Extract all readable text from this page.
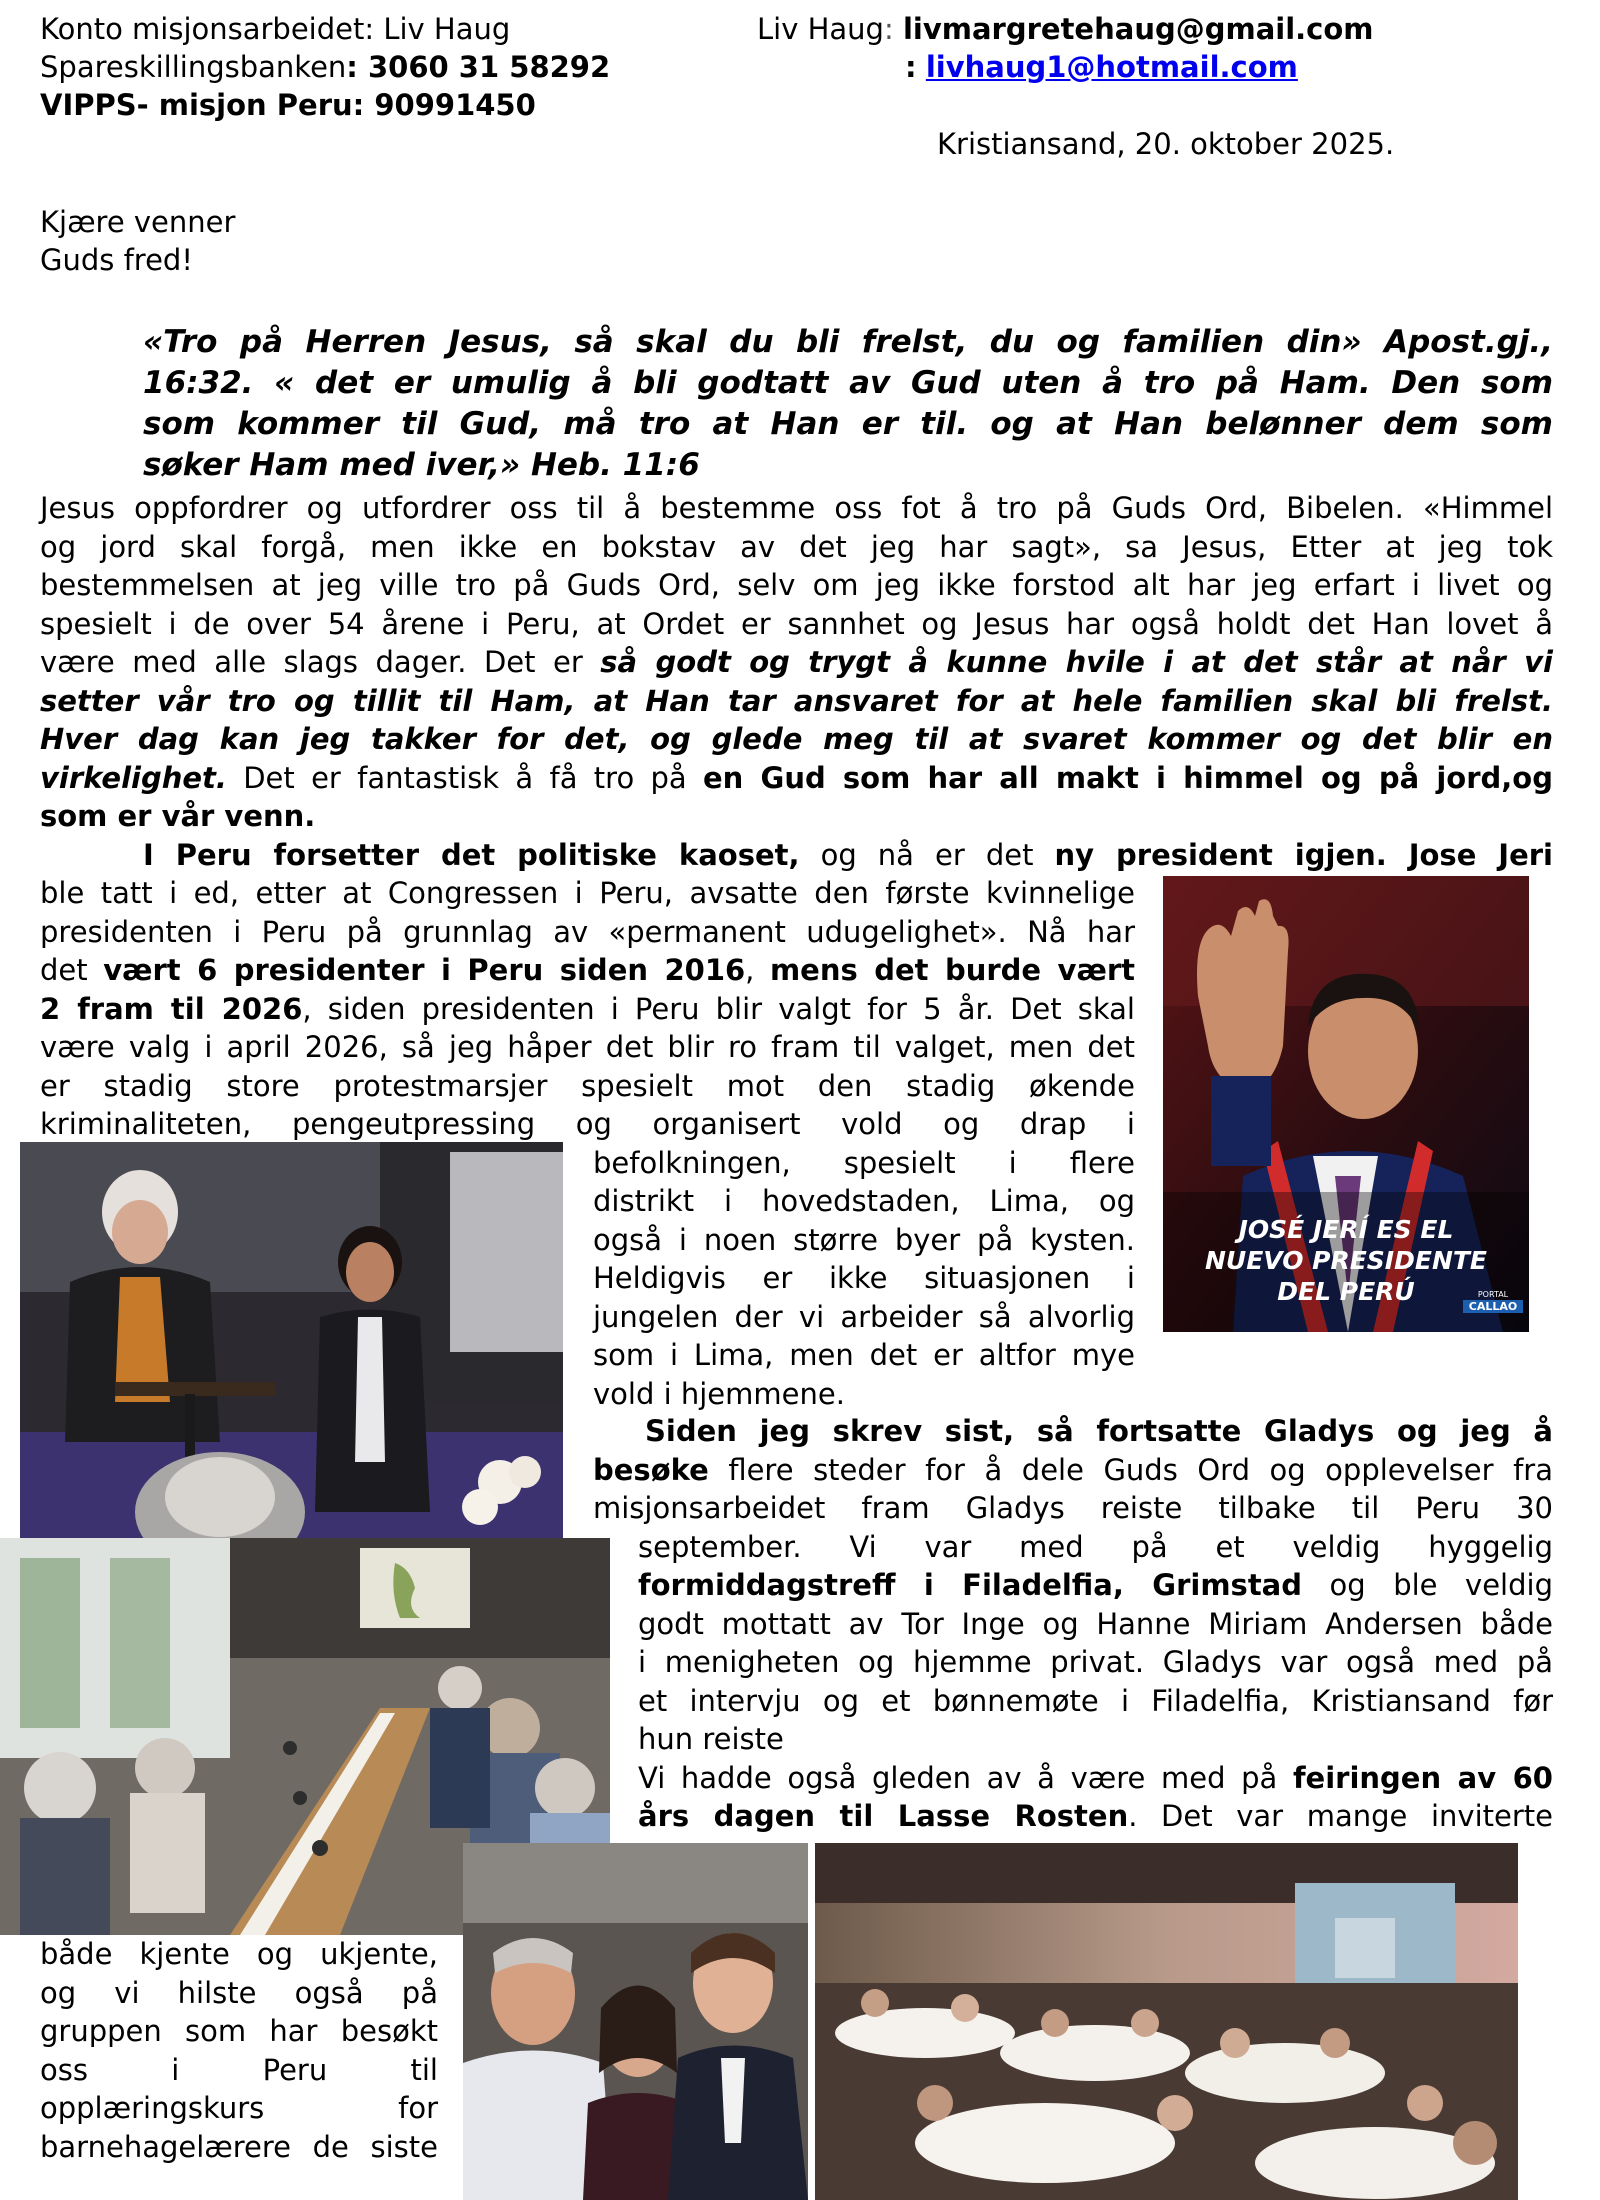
Konto misjonsarbeidet: Liv Haug
Spareskillingsbanken: 3060 31 58292
VIPPS- misjon Peru: 90991450
Liv Haug: livmargretehaug@gmail.com
: livhaug1@hotmail.com
Kristiansand, 20. oktober 2025.
Kjære venner
Guds fred!
«Tro på Herren Jesus, så skal du bli frelst, du og familien din» Apost.gj.,
16:32. « det er umulig å bli godtatt av Gud uten å tro på Ham. Den som
som kommer til Gud, må tro at Han er til. og at Han belønner dem som
søker Ham med iver,» Heb. 11:6
Jesus oppfordrer og utfordrer oss til å bestemme oss fot å tro på Guds Ord, Bibelen. «Himmel
og jord skal forgå, men ikke en bokstav av det jeg har sagt», sa Jesus, Etter at jeg tok
bestemmelsen at jeg ville tro på Guds Ord, selv om jeg ikke forstod alt har jeg erfart i livet og
spesielt i de over 54 årene i Peru, at Ordet er sannhet og Jesus har også holdt det Han lovet å
være med alle slags dager. Det er så godt og trygt å kunne hvile i at det står at når vi
setter vår tro og tillit til Ham, at Han tar ansvaret for at hele familien skal bli frelst.
Hver dag kan jeg takker for det, og glede meg til at svaret kommer og det blir en
virkelighet. Det er fantastisk å få tro på en Gud som har all makt i himmel og på jord,og
som er vår venn.
I Peru forsetter det politiske kaoset, og nå er det ny president igjen. Jose Jeri
ble tatt i ed, etter at Congressen i Peru, avsatte den første kvinnelige
presidenten i Peru på grunnlag av «permanent udugelighet». Nå har
det vært 6 presidenter i Peru siden 2016, mens det burde vært
2 fram til 2026, siden presidenten i Peru blir valgt for 5 år. Det skal
være valg i april 2026, så jeg håper det blir ro fram til valget, men det
er stadig store protestmarsjer spesielt mot den stadig økende
kriminaliteten, pengeutpressing og organisert vold og drap i
befolkningen, spesielt i flere
distrikt i hovedstaden, Lima, og
også i noen større byer på kysten.
Heldigvis er ikke situasjonen i
jungelen der vi arbeider så alvorlig
som i Lima, men det er altfor mye
vold i hjemmene.
Siden jeg skrev sist, så fortsatte Gladys og jeg å
besøke flere steder for å dele Guds Ord og opplevelser fra
misjonsarbeidet fram Gladys reiste tilbake til Peru 30
september. Vi var med på et veldig hyggelig
formiddagstreff i Filadelfia, Grimstad og ble veldig
godt mottatt av Tor Inge og Hanne Miriam Andersen både
i menigheten og hjemme privat. Gladys var også med på
et intervju og et bønnemøte i Filadelfia, Kristiansand før
hun reiste
Vi hadde også gleden av å være med på feiringen av 60
års dagen til Lasse Rosten. Det var mange inviterte
både kjente og ukjente,
og vi hilste også på
gruppen som har besøkt
oss i Peru til
opplæringskurs for
barnehagelærere de siste
JOSÉ JERÍ ES EL
NUEVO PRESIDENTE
DEL PERÚ	PORTAL
CALLAO
